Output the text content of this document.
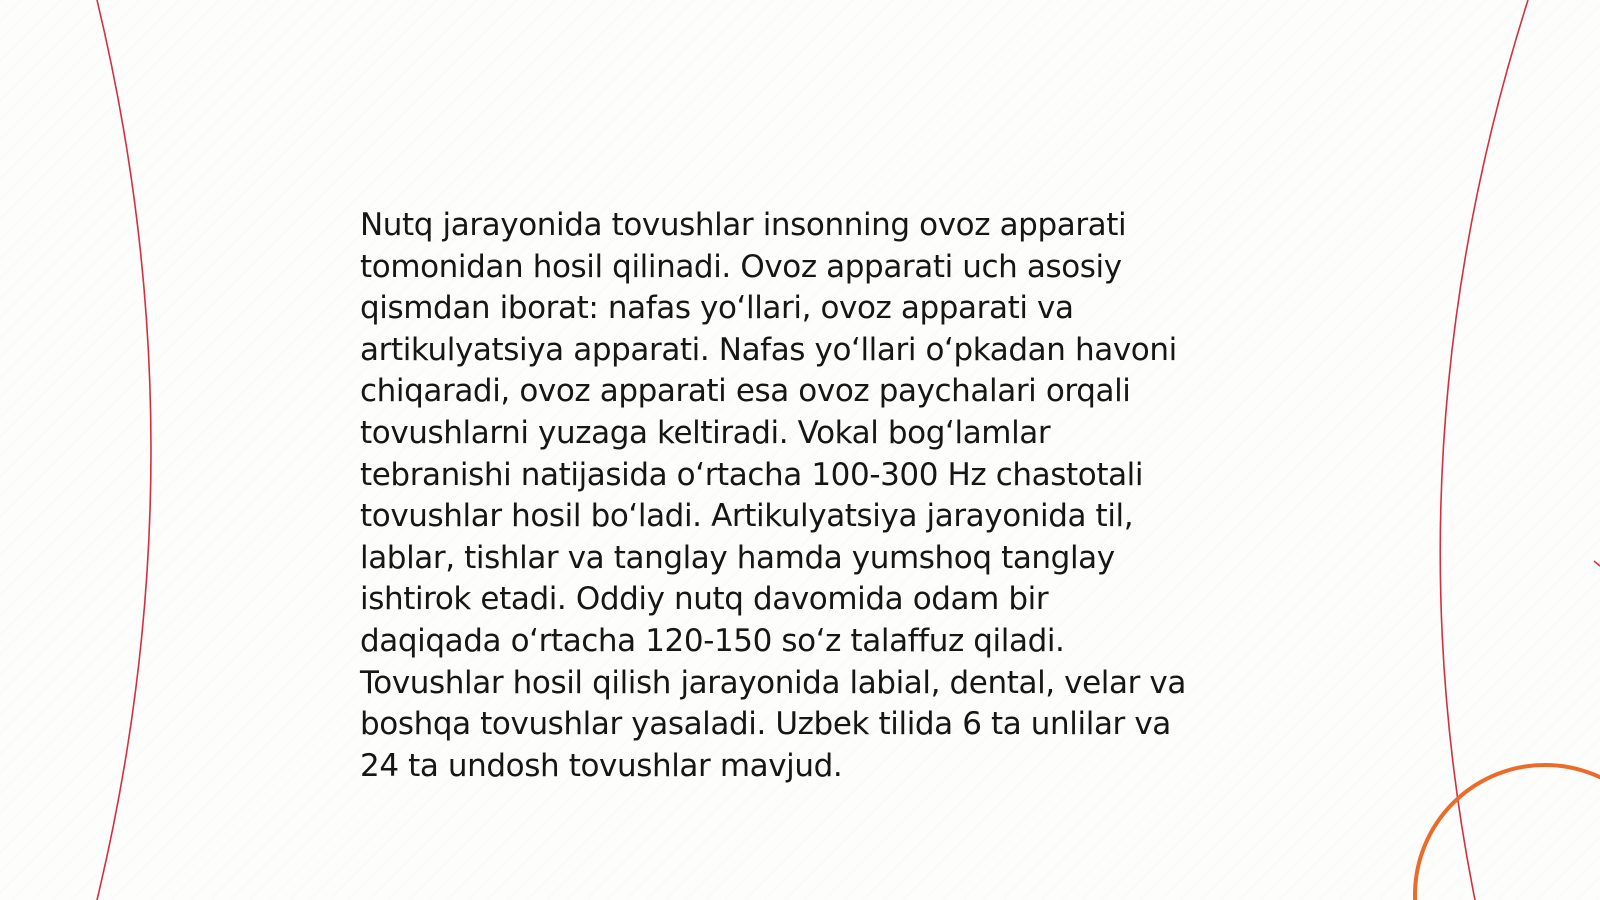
Nutq jarayonida tovushlar insonning ovoz apparati
tomonidan hosil qilinadi. Ovoz apparati uch asosiy
qismdan iborat: nafas yo‘llari, ovoz apparati va
artikulyatsiya apparati. Nafas yo‘llari o‘pkadan havoni
chiqaradi, ovoz apparati esa ovoz paychalari orqali
tovushlarni yuzaga keltiradi. Vokal bog‘lamlar
tebranishi natijasida o‘rtacha 100-300 Hz chastotali
tovushlar hosil bo‘ladi. Artikulyatsiya jarayonida til,
lablar, tishlar va tanglay hamda yumshoq tanglay
ishtirok etadi. Oddiy nutq davomida odam bir
daqiqada o‘rtacha 120-150 so‘z talaffuz qiladi.
Tovushlar hosil qilish jarayonida labial, dental, velar va
boshqa tovushlar yasaladi. Uzbek tilida 6 ta unlilar va
24 ta undosh tovushlar mavjud.
